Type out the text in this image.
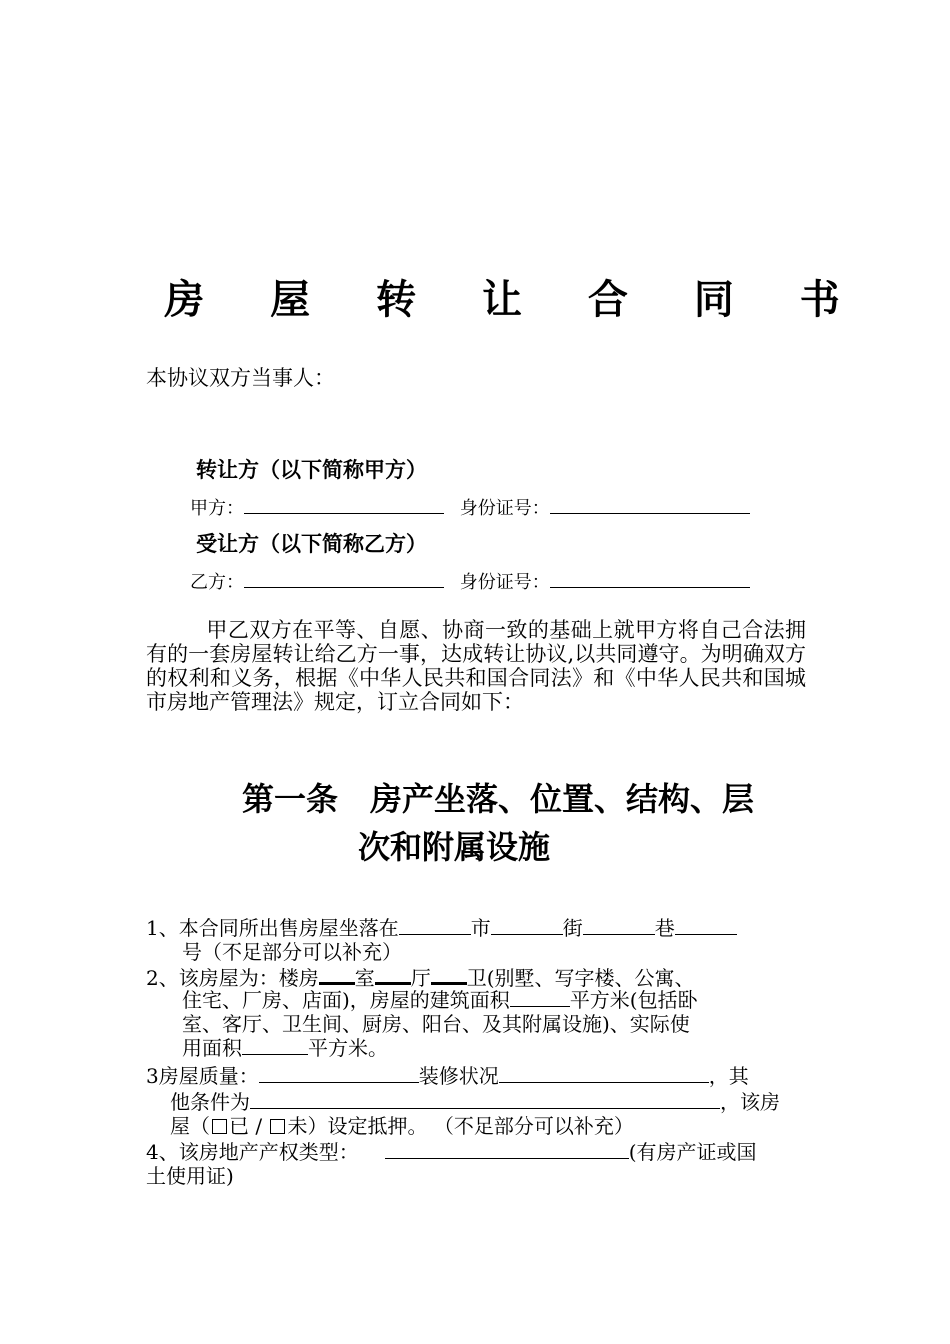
房 屋 转 让 合 同 书
本协议双方当事人：
转让方（以下简称甲方）
甲方：	身份证号：
受让方（以下简称乙方）
乙方：	身份证号：
甲乙双方在平等、自愿、协商一致的基础上就甲方将自己合法拥有的一套房屋转让给乙方一事，达成转让协议,以共同遵守。为明确双方的权利和义务，根据《中华人民共和国合同法》和《中华人民共和国城市房地产管理法》规定，订立合同如下：
第一条　房产坐落、位置、结构、层
次和附属设施
1、本合同所出售房屋坐落在	市	街	巷
号（不足部分可以补充）
2、该房屋为：楼房 室 厅 卫(别墅、写字楼、公寓、
住宅、厂房、店面)，房屋的建筑面积	平方米(包括卧
室、客厅、卫生间、厨房、阳台、及其附属设施)、实际使
用面积	平方米。
3房屋质量：	装修状况	，其
他条件为	，该房
屋（ 已 / 未）设定抵押。 （不足部分可以补充）
4、该房地产产权类型：	(有房产证或国
土使用证)
